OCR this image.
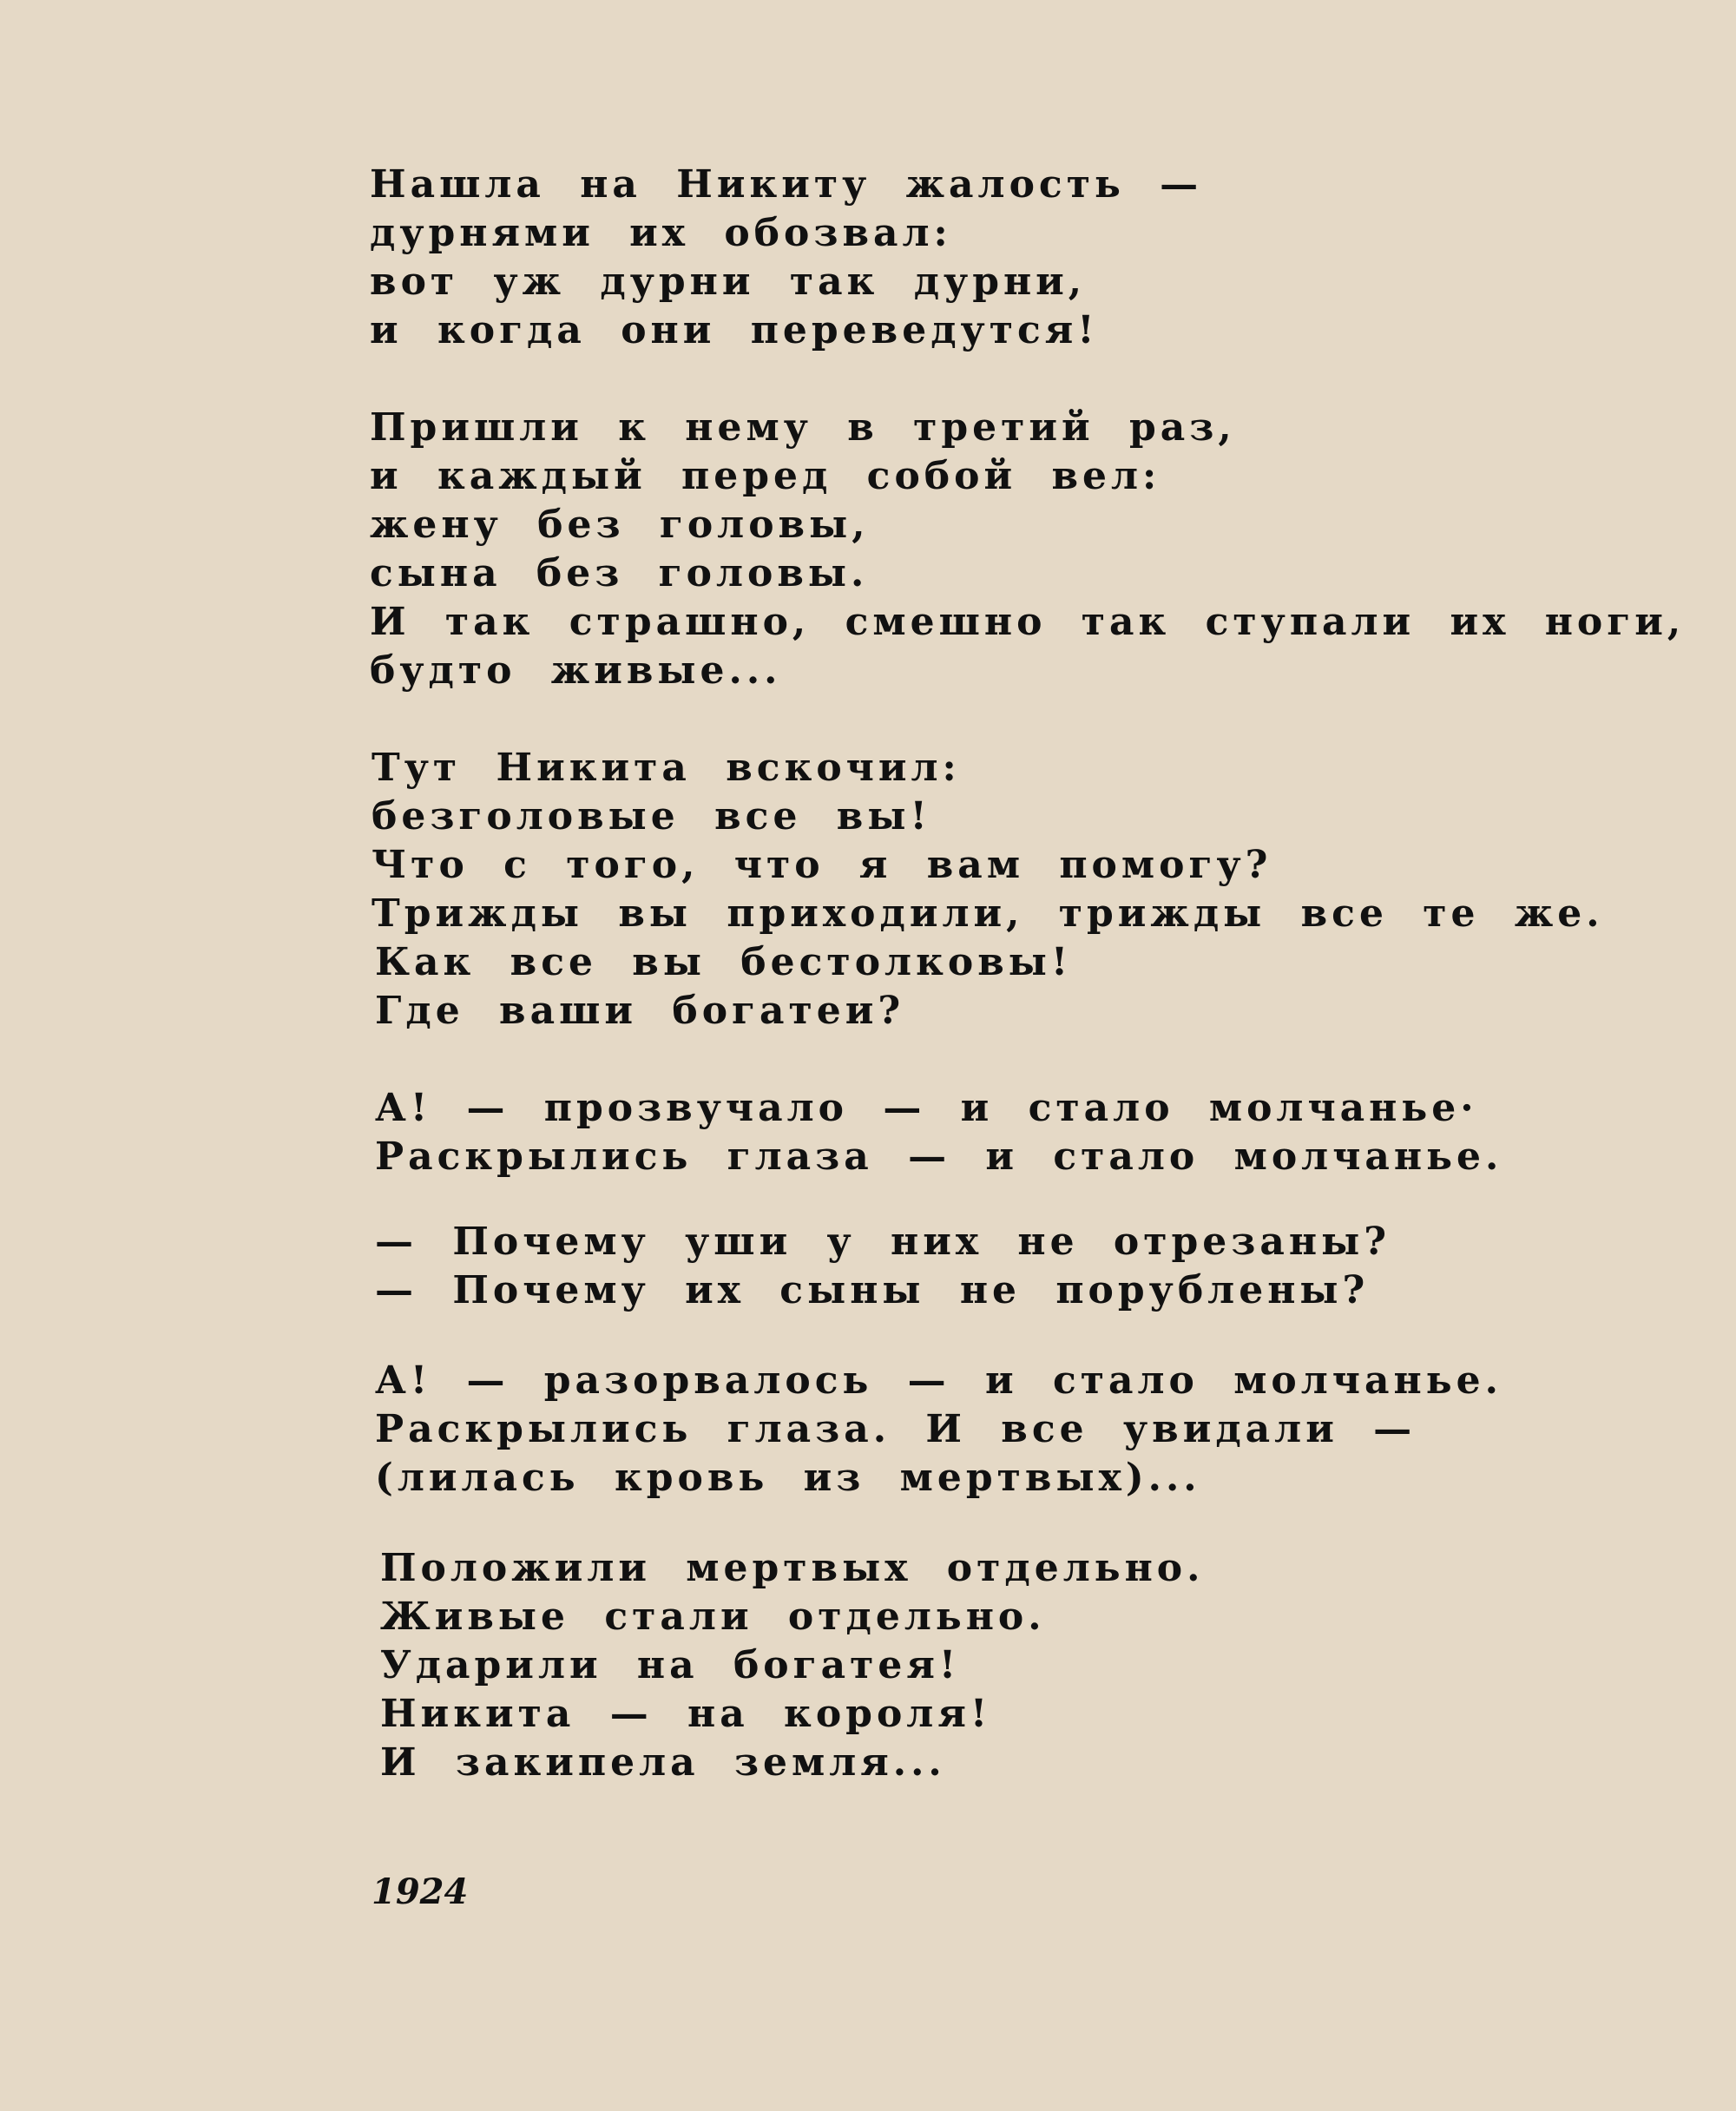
Нашла на Никиту жалость —
дурнями их обозвал:
вот уж дурни так дурни,
и когда они переведутся!
Пришли к нему в третий раз,
и каждый перед собой вел:
жену без головы,
сына без головы.
И так страшно, смешно так ступали их ноги,
будто живые...
Тут Никита вскочил:
безголовые все вы!
Что с того, что я вам помогу?
Трижды вы приходили, трижды все те же.
Как все вы бестолковы!
Где ваши богатеи?
А! — прозвучало — и стало молчанье·
Раскрылись глаза — и стало молчанье.
— Почему уши у них не отрезаны?
— Почему их сыны не порублены?
А! — разорвалось — и стало молчанье.
Раскрылись глаза. И все увидали —
(лилась кровь из мертвых)...
Положили мертвых отдельно.
Живые стали отдельно.
Ударили на богатея!
Никита — на короля!
И закипела земля...
1924
